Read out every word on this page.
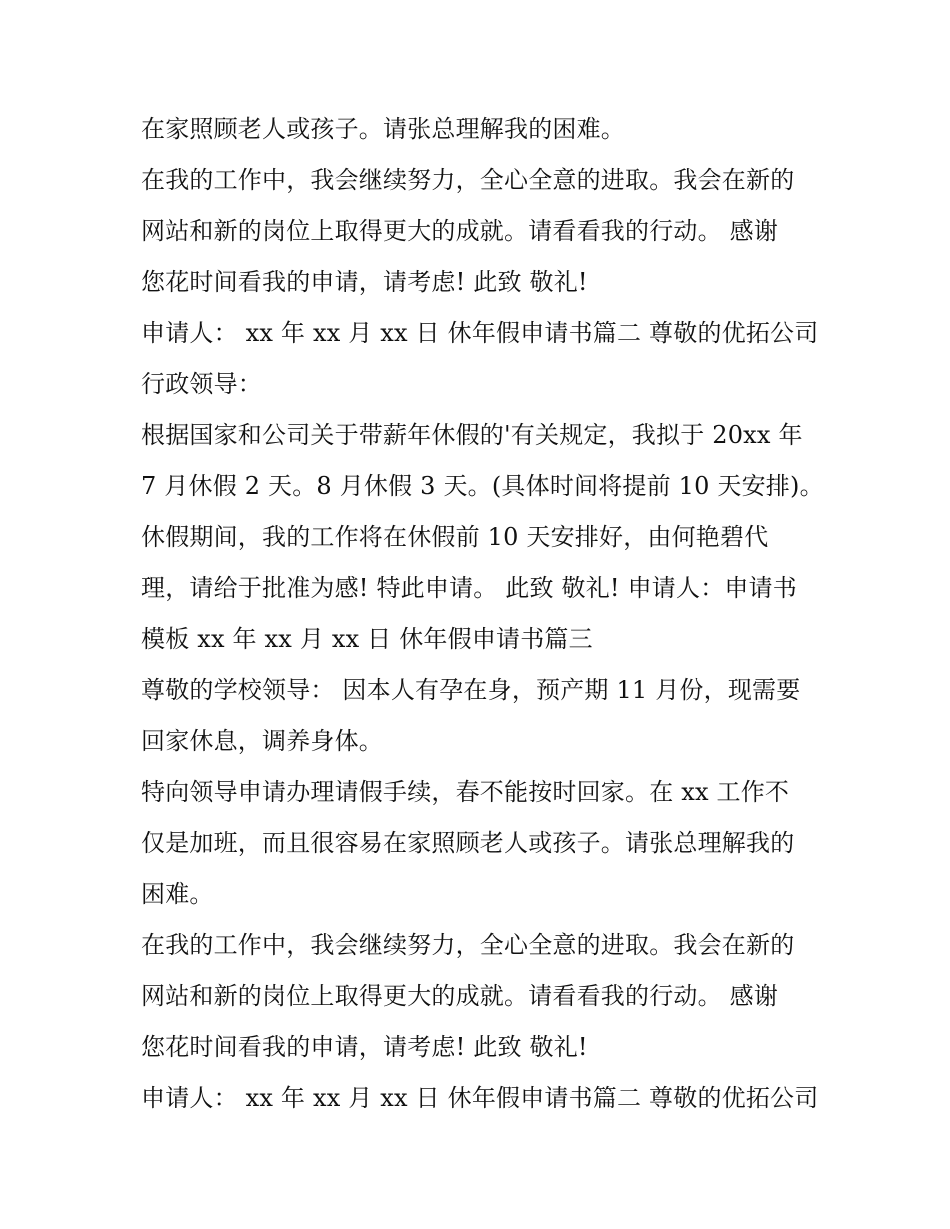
在家照顾老人或孩子。请张总理解我的困难。
在我的工作中，我会继续努力，全心全意的进取。我会在新的
网站和新的岗位上取得更大的成就。请看看我的行动。 感谢
您花时间看我的申请，请考虑! 此致 敬礼!
申请人： xx 年 xx 月 xx 日 休年假申请书篇二 尊敬的优拓公司
行政领导：
根据国家和公司关于带薪年休假的'有关规定，我拟于 20xx 年
7 月休假 2 天。8 月休假 3 天。(具体时间将提前 10 天安排)。
休假期间，我的工作将在休假前 10 天安排好，由何艳碧代
理，请给于批准为感! 特此申请。 此致 敬礼! 申请人：申请书
模板 xx 年 xx 月 xx 日 休年假申请书篇三
尊敬的学校领导： 因本人有孕在身，预产期 11 月份，现需要
回家休息，调养身体。
特向领导申请办理请假手续，春不能按时回家。在 xx 工作不
仅是加班，而且很容易在家照顾老人或孩子。请张总理解我的
困难。
在我的工作中，我会继续努力，全心全意的进取。我会在新的
网站和新的岗位上取得更大的成就。请看看我的行动。 感谢
您花时间看我的申请，请考虑! 此致 敬礼!
申请人： xx 年 xx 月 xx 日 休年假申请书篇二 尊敬的优拓公司
